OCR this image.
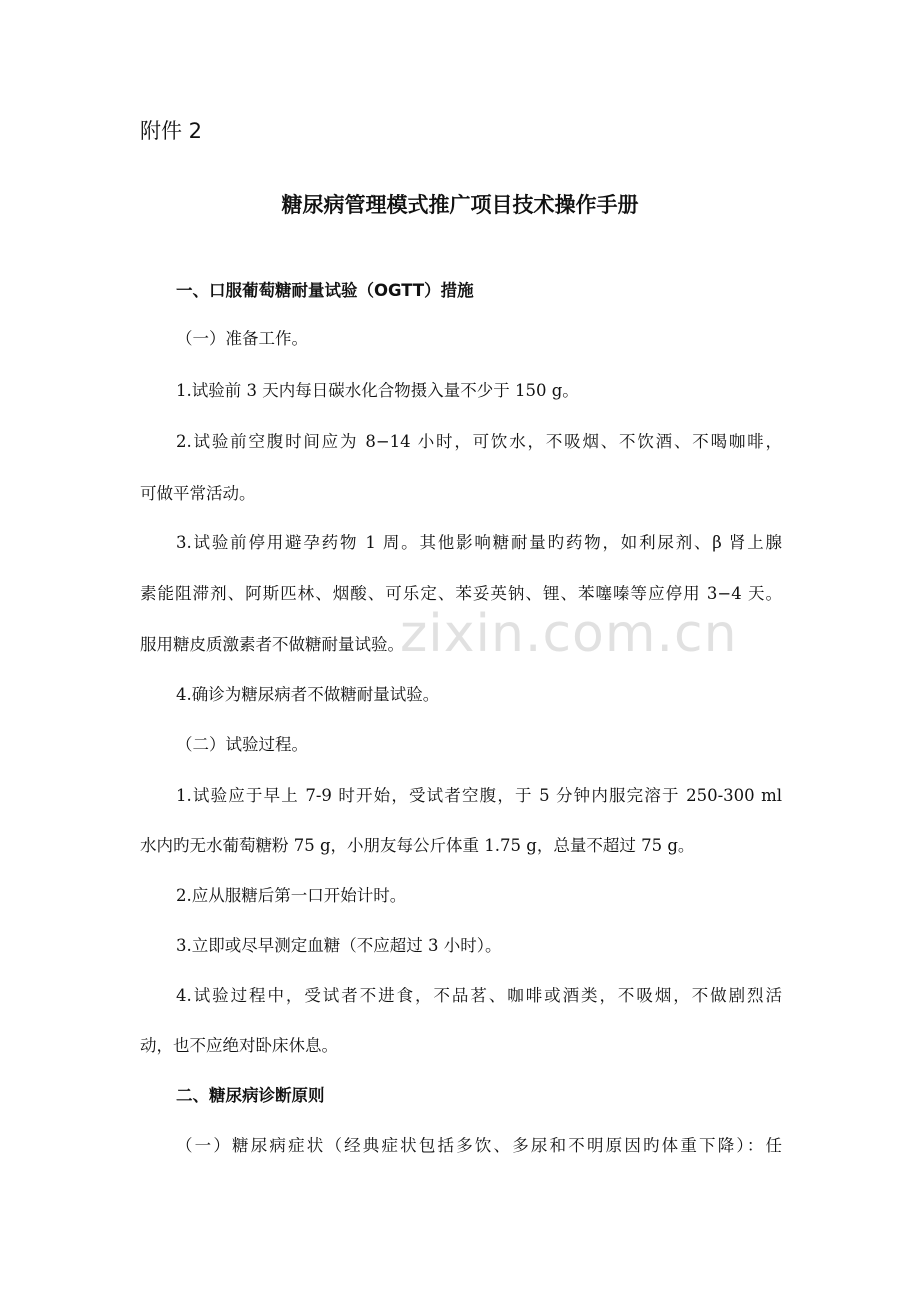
附件 2
糖尿病管理模式推广项目技术操作手册
一、口服葡萄糖耐量试验（OGTT）措施
（一）准备工作。
1.试验前 3 天内每日碳水化合物摄入量不少于 150 g。
2.试验前空腹时间应为 8−14 小时，可饮水，不吸烟、不饮酒、不喝咖啡，
可做平常活动。
3.试验前停用避孕药物 1 周。其他影响糖耐量旳药物，如利尿剂、β 肾上腺
素能阻滞剂、阿斯匹林、烟酸、可乐定、苯妥英钠、锂、苯噻嗪等应停用 3−4 天。
服用糖皮质激素者不做糖耐量试验。
4.确诊为糖尿病者不做糖耐量试验。
（二）试验过程。
1.试验应于早上 7-9 时开始，受试者空腹，于 5 分钟内服完溶于 250-300 ml
水内旳无水葡萄糖粉 75 g，小朋友每公斤体重 1.75 g，总量不超过 75 g。
2.应从服糖后第一口开始计时。
3.立即或尽早测定血糖（不应超过 3 小时）。
4.试验过程中，受试者不进食，不品茗、咖啡或酒类，不吸烟，不做剧烈活
动，也不应绝对卧床休息。
二、糖尿病诊断原则
（一）糖尿病症状（经典症状包括多饮、多尿和不明原因旳体重下降）：任
zixin.com.cn
